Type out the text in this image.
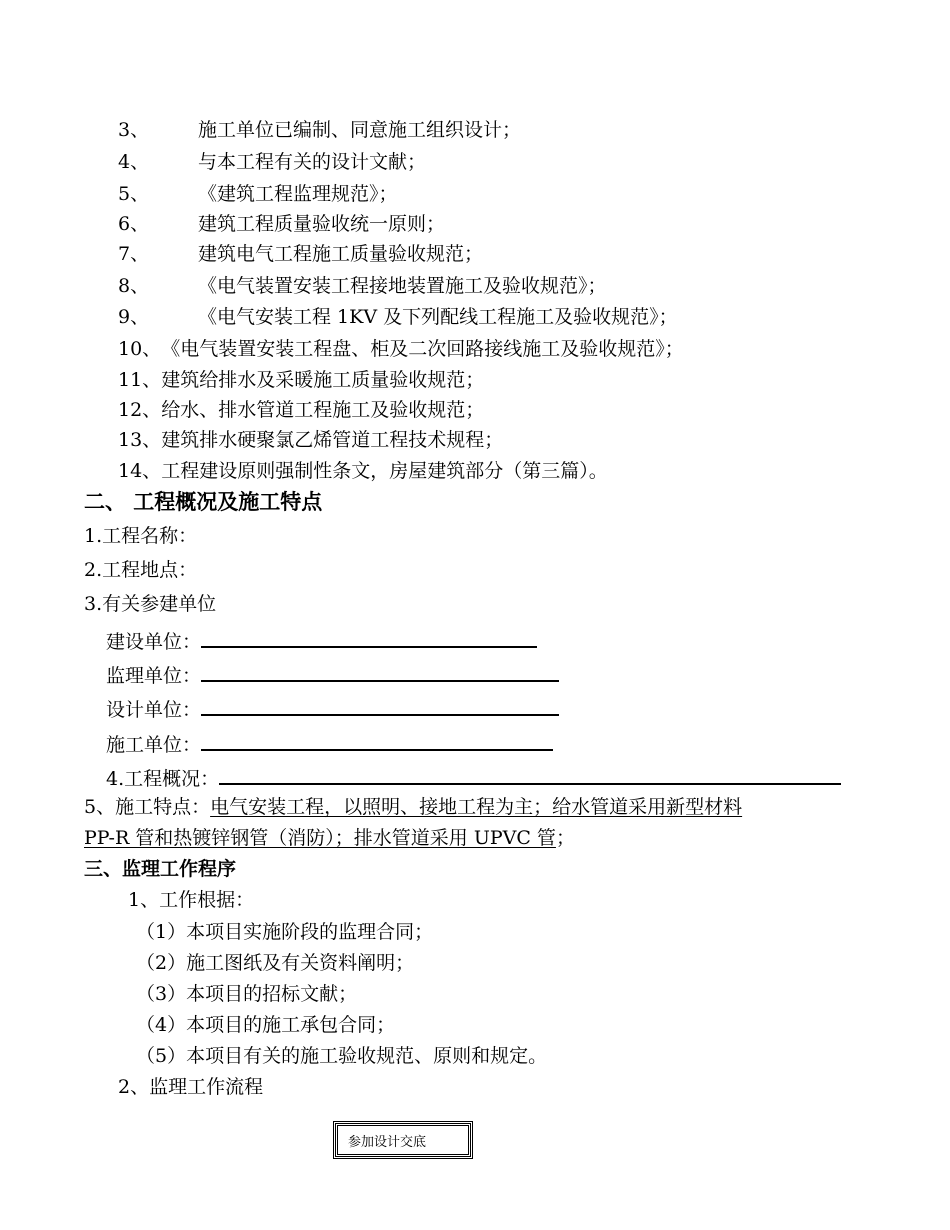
3、	施工单位已编制、同意施工组织设计；
4、	与本工程有关的设计文献；
5、	《建筑工程监理规范》；
6、	建筑工程质量验收统一原则；
7、	建筑电气工程施工质量验收规范；
8、	《电气装置安装工程接地装置施工及验收规范》；
9、	《电气安装工程 1KV 及下列配线工程施工及验收规范》；
10、《电气装置安装工程盘、柜及二次回路接线施工及验收规范》；
11、建筑给排水及采暖施工质量验收规范；
12、给水、排水管道工程施工及验收规范；
13、建筑排水硬聚氯乙烯管道工程技术规程；
14、工程建设原则强制性条文，房屋建筑部分（第三篇）。
二、 工程概况及施工特点
1.工程名称：
2.工程地点：
3.有关参建单位
建设单位：
监理单位：
设计单位：
施工单位：
4.工程概况：
5、施工特点：电气安装工程，以照明、接地工程为主；给水管道采用新型材料
PP-R 管和热镀锌钢管（消防）；排水管道采用 UPVC 管；
三、监理工作程序
1、工作根据：
（1）本项目实施阶段的监理合同；
（2）施工图纸及有关资料阐明；
（3）本项目的招标文献；
（4）本项目的施工承包合同；
（5）本项目有关的施工验收规范、原则和规定。
2、监理工作流程
参加设计交底
